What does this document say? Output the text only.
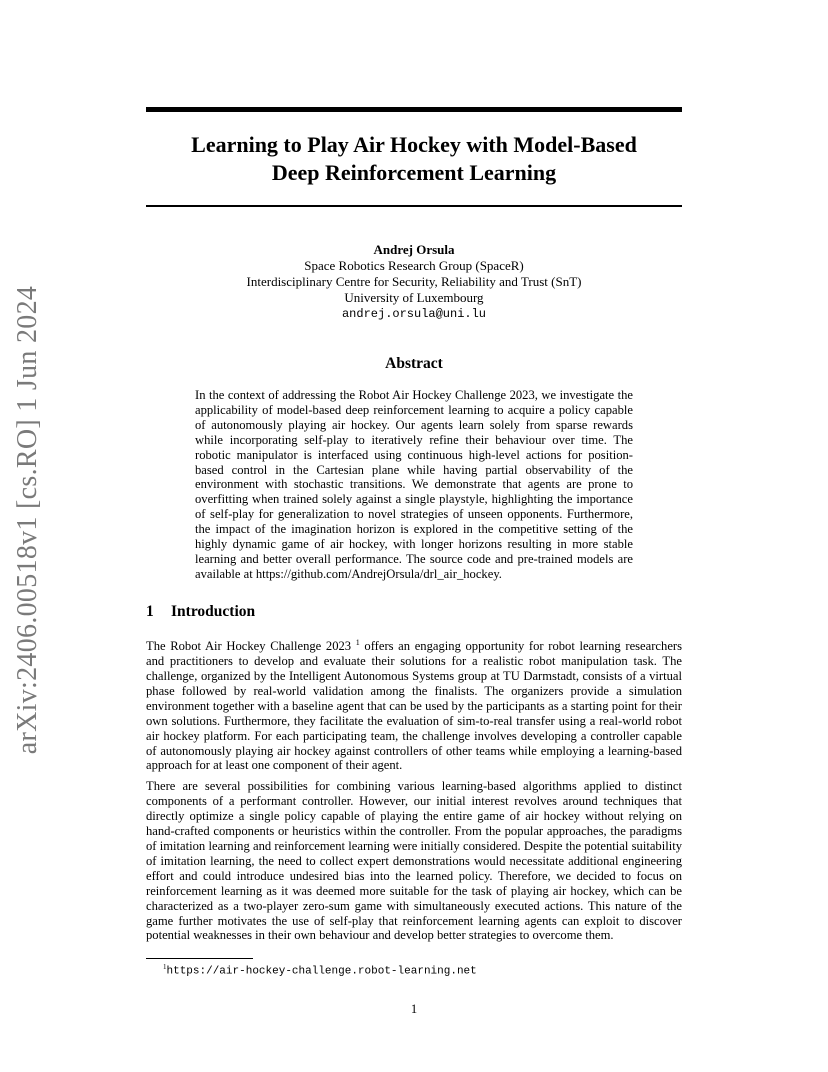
arXiv:2406.00518v1 [cs.RO] 1 Jun 2024
Learning to Play Air Hockey with Model-Based
Deep Reinforcement Learning
Andrej Orsula
Space Robotics Research Group (SpaceR)
Interdisciplinary Centre for Security, Reliability and Trust (SnT)
University of Luxembourg
andrej.orsula@uni.lu
Abstract
In the context of addressing the Robot Air Hockey Challenge 2023, we investigate the applicability of model-based deep reinforcement learning to acquire a policy capable of autonomously playing air hockey. Our agents learn solely from sparse rewards while incorporating self-play to iteratively refine their behaviour over time. The robotic manipulator is interfaced using continuous high-level actions for position-based control in the Cartesian plane while having partial observability of the environment with stochastic transitions. We demonstrate that agents are prone to overfitting when trained solely against a single playstyle, highlighting the importance of self-play for generalization to novel strategies of unseen opponents. Furthermore, the impact of the imagination horizon is explored in the competitive setting of the highly dynamic game of air hockey, with longer horizons resulting in more stable learning and better overall performance. The source code and pre-trained models are available at https://github.com/AndrejOrsula/drl_air_hockey.
1 Introduction

The Robot Air Hockey Challenge 2023 $^1$ offers an engaging opportunity for robot learning researchers and practitioners to develop and evaluate their solutions for a realistic robot manipulation task. The challenge, organized by the Intelligent Autonomous Systems group at TU Darmstadt, consists of a virtual phase followed by real-world validation among the finalists. The organizers provide a simulation environment together with a baseline agent that can be used by the participants as a starting point for their own solutions. Furthermore, they facilitate the evaluation of sim-to-real transfer using a real-world robot air hockey platform. For each participating team, the challenge involves developing a controller capable of autonomously playing air hockey against controllers of other teams while employing a learning-based approach for at least one component of their agent.

There are several possibilities for combining various learning-based algorithms applied to distinct components of a performant controller. However, our initial interest revolves around techniques that directly optimize a single policy capable of playing the entire game of air hockey without relying on hand-crafted components or heuristics within the controller. From the popular approaches, the paradigms of imitation learning and reinforcement learning were initially considered. Despite the potential suitability of imitation learning, the need to collect expert demonstrations would necessitate additional engineering effort and could introduce undesired bias into the learned policy. Therefore, we decided to focus on reinforcement learning as it was deemed more suitable for the task of playing air hockey, which can be characterized as a two-player zero-sum game with simultaneously executed actions. This nature of the game further motivates the use of self-play that reinforcement learning agents can exploit to discover potential weaknesses in their own behaviour and develop better strategies to overcome them.

$^1$https://air-hockey-challenge.robot-learning.net
1
